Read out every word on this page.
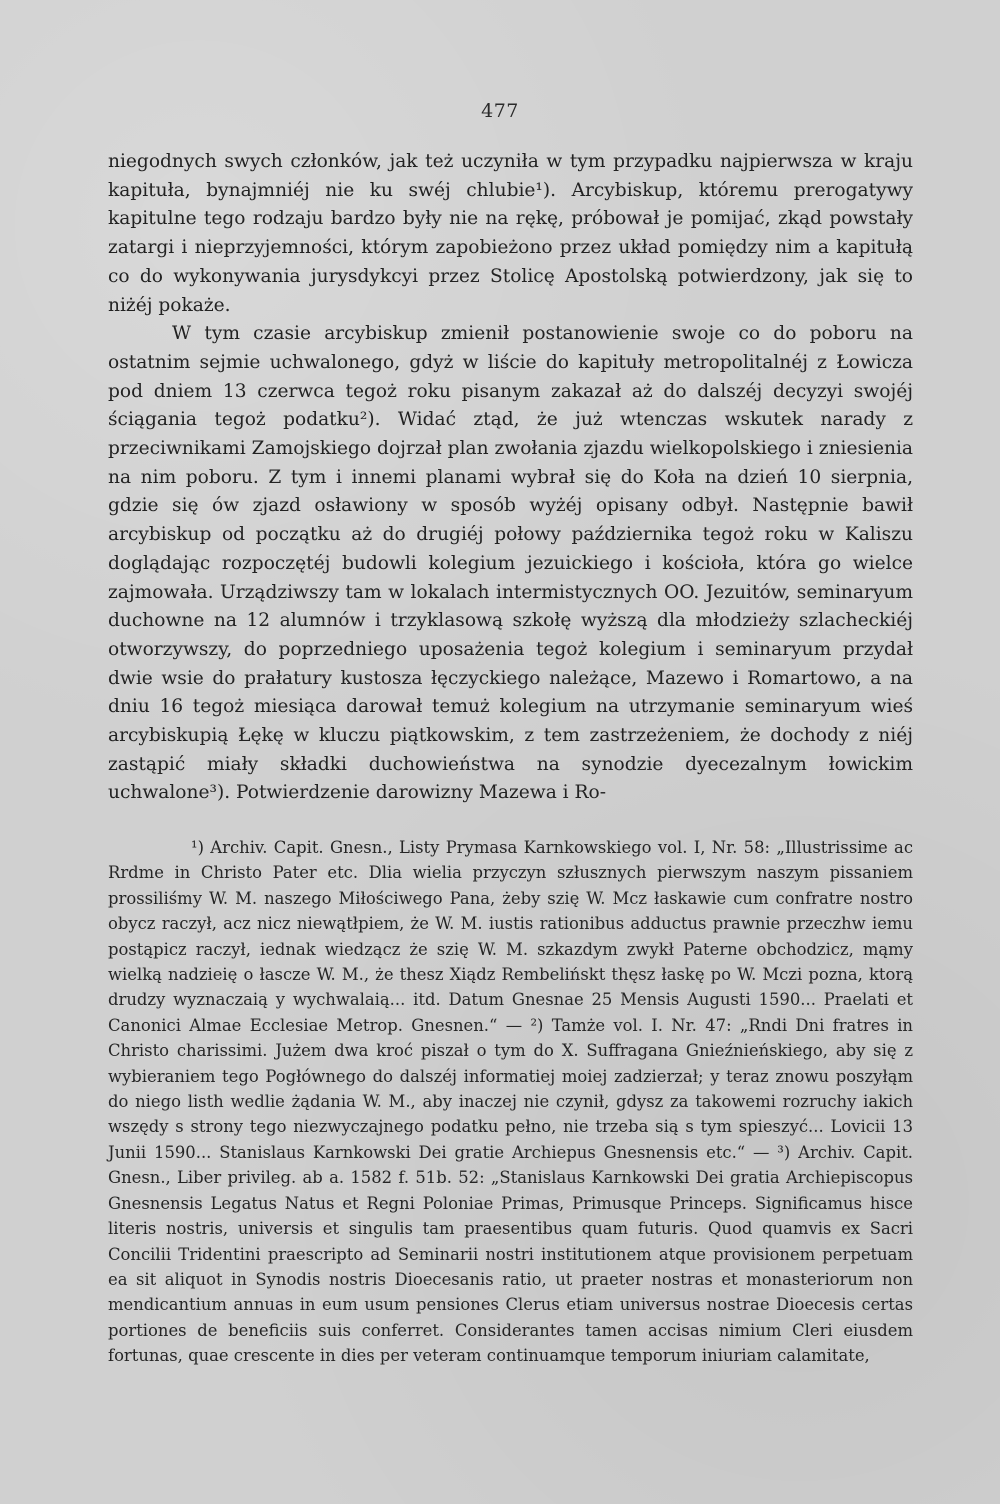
477

niegodnych swych członków, jak też uczyniła w tym przypadku najpierwsza w kraju kapituła, bynajmniéj nie ku swéj chlubie¹). Arcybiskup, któremu prerogatywy kapitulne tego rodzaju bardzo były nie na rękę, próbował je pomijać, zkąd powstały zatargi i nieprzyjemności, którym zapobieżono przez układ pomiędzy nim a kapitułą co do wykonywania jurysdykcyi przez Stolicę Apostolską potwierdzony, jak się to niżéj pokaże.

W tym czasie arcybiskup zmienił postanowienie swoje co do poboru na ostatnim sejmie uchwalonego, gdyż w liście do kapituły metropolitalnéj z Łowicza pod dniem 13 czerwca tegoż roku pisanym zakazał aż do dalszéj decyzyi swojéj ściągania tegoż podatku²). Widać ztąd, że już wtenczas wskutek narady z przeciwnikami Zamojskiego dojrzał plan zwołania zjazdu wielkopolskiego i zniesienia na nim poboru. Z tym i innemi planami wybrał się do Koła na dzień 10 sierpnia, gdzie się ów zjazd osławiony w sposób wyżéj opisany odbył. Następnie bawił arcybiskup od początku aż do drugiéj połowy października tegoż roku w Kaliszu doglądając rozpoczętéj budowli kolegium jezuickiego i kościoła, która go wielce zajmowała. Urządziwszy tam w lokalach intermistycznych OO. Jezuitów, seminaryum duchowne na 12 alumnów i trzyklasową szkołę wyższą dla młodzieży szlacheckiéj otworzywszy, do poprzedniego uposażenia tegoż kolegium i seminaryum przydał dwie wsie do prałatury kustosza łęczyckiego należące, Mazewo i Romartowo, a na dniu 16 tegoż miesiąca darował temuż kolegium na utrzymanie seminaryum wieś arcybiskupią Łękę w kluczu piątkowskim, z tem zastrzeżeniem, że dochody z niéj zastąpić miały składki duchowieństwa na synodzie dyecezalnym łowickim uchwalone³). Potwierdzenie darowizny Mazewa i Ro-

¹) Archiv. Capit. Gnesn., Listy Prymasa Karnkowskiego vol. I, Nr. 58: „Illustrissime ac Rrdme in Christo Pater etc. Dlia wielia przyczyn szłusznych pierwszym naszym pissaniem prossiliśmy W. M. naszego Miłościwego Pana, żeby szię W. Mcz łaskawie cum confratre nostro obycz raczył, acz nicz niewątłpiem, że W. M. iustis rationibus adductus prawnie przeczhw iemu postąpicz raczył, iednak wiedzącz że szię W. M. szkazdym zwykł Paterne obchodzicz, mąmy wielką nadzieię o łascze W. M., że thesz Xiądz Rembelińskt thęsz łaskę po W. Mczi pozna, ktorą drudzy wyznaczaią y wychwalaią... itd. Datum Gnesnae 25 Mensis Augusti 1590... Praelati et Canonici Almae Ecclesiae Metrop. Gnesnen.“ — ²) Tamże vol. I. Nr. 47: „Rndi Dni fratres in Christo charissimi. Jużem dwa kroć piszał o tym do X. Suffragana Gnieźnieńskiego, aby się z wybieraniem tego Pogłównego do dalszéj informatiej moiej zadzierzał; y teraz znowu poszyłąm do niego listh wedlie żądania W. M., aby inaczej nie czynił, gdysz za takowemi rozruchy iakich wszędy s strony tego niezwyczajnego podatku pełno, nie trzeba sią s tym spieszyć... Lovicii 13 Junii 1590... Stanislaus Karnkowski Dei gratie Archiepus Gnesnensis etc.“ — ³) Archiv. Capit. Gnesn., Liber privileg. ab a. 1582 f. 51b. 52: „Stanislaus Karnkowski Dei gratia Archiepiscopus Gnesnensis Legatus Natus et Regni Poloniae Primas, Primusque Princeps. Significamus hisce literis nostris, universis et singulis tam praesentibus quam futuris. Quod quamvis ex Sacri Concilii Tridentini praescripto ad Seminarii nostri institutionem atque provisionem perpetuam ea sit aliquot in Synodis nostris Dioecesanis ratio, ut praeter nostras et monasteriorum non mendicantium annuas in eum usum pensiones Clerus etiam universus nostrae Dioecesis certas portiones de beneficiis suis conferret. Considerantes tamen accisas nimium Cleri eiusdem fortunas, quae crescente in dies per veteram continuamque temporum iniuriam calamitate,
